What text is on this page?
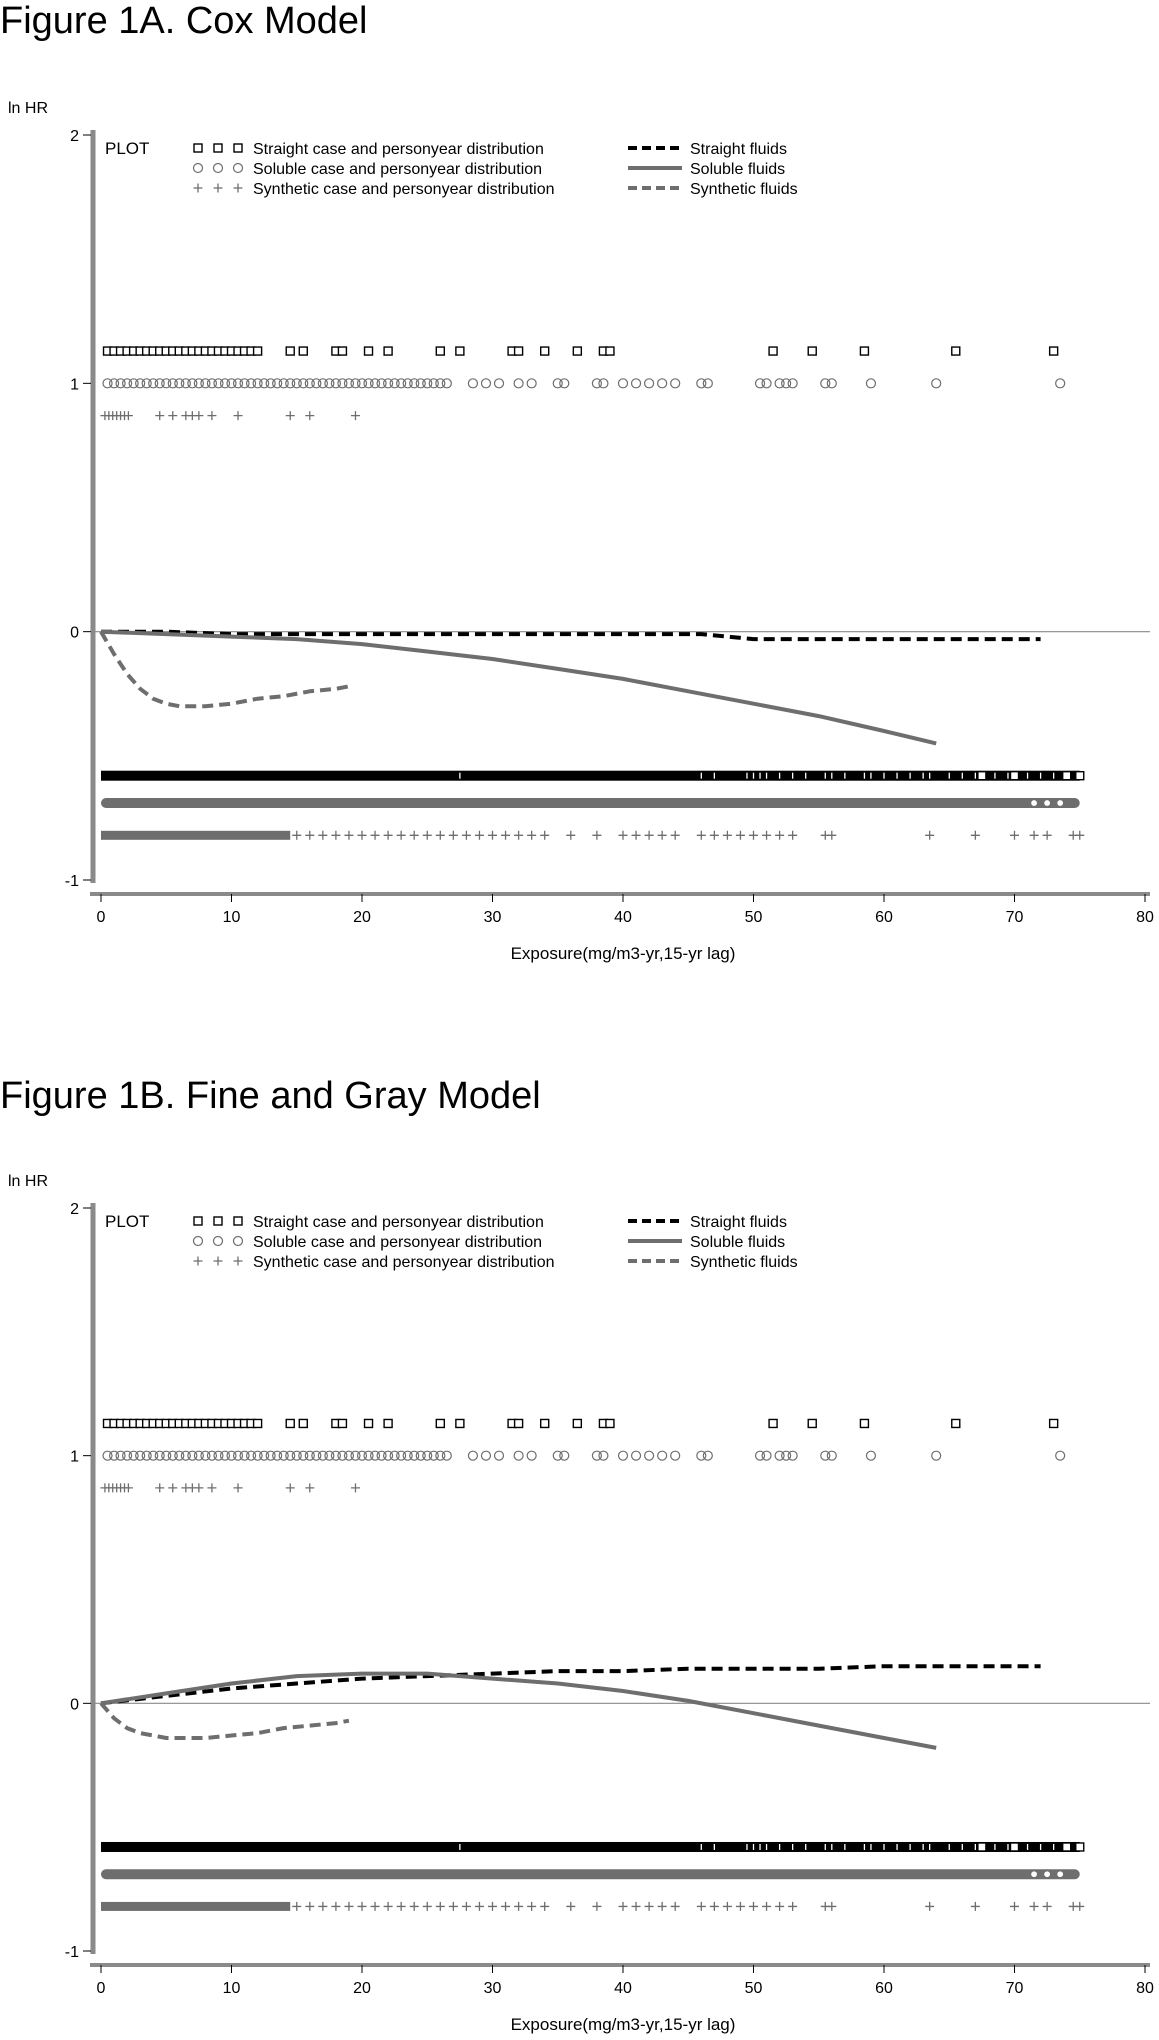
Figure 1A. Cox Model
ln HR
-1
0
1
2
0	10	20	30	40	50	60	70	80
Exposure(mg/m3-yr,15-yr lag)
PLOT	Straight case and personyear distribution
Soluble case and personyear distribution
Synthetic case and personyear distribution
Straight fluids
Soluble fluids
Synthetic fluids
Figure 1B. Fine and Gray Model
ln HR
-1
0
1
2
0	10	20	30	40	50	60	70	80
Exposure(mg/m3-yr,15-yr lag)
PLOT	Straight case and personyear distribution
Soluble case and personyear distribution
Synthetic case and personyear distribution
Straight fluids
Soluble fluids
Synthetic fluids
